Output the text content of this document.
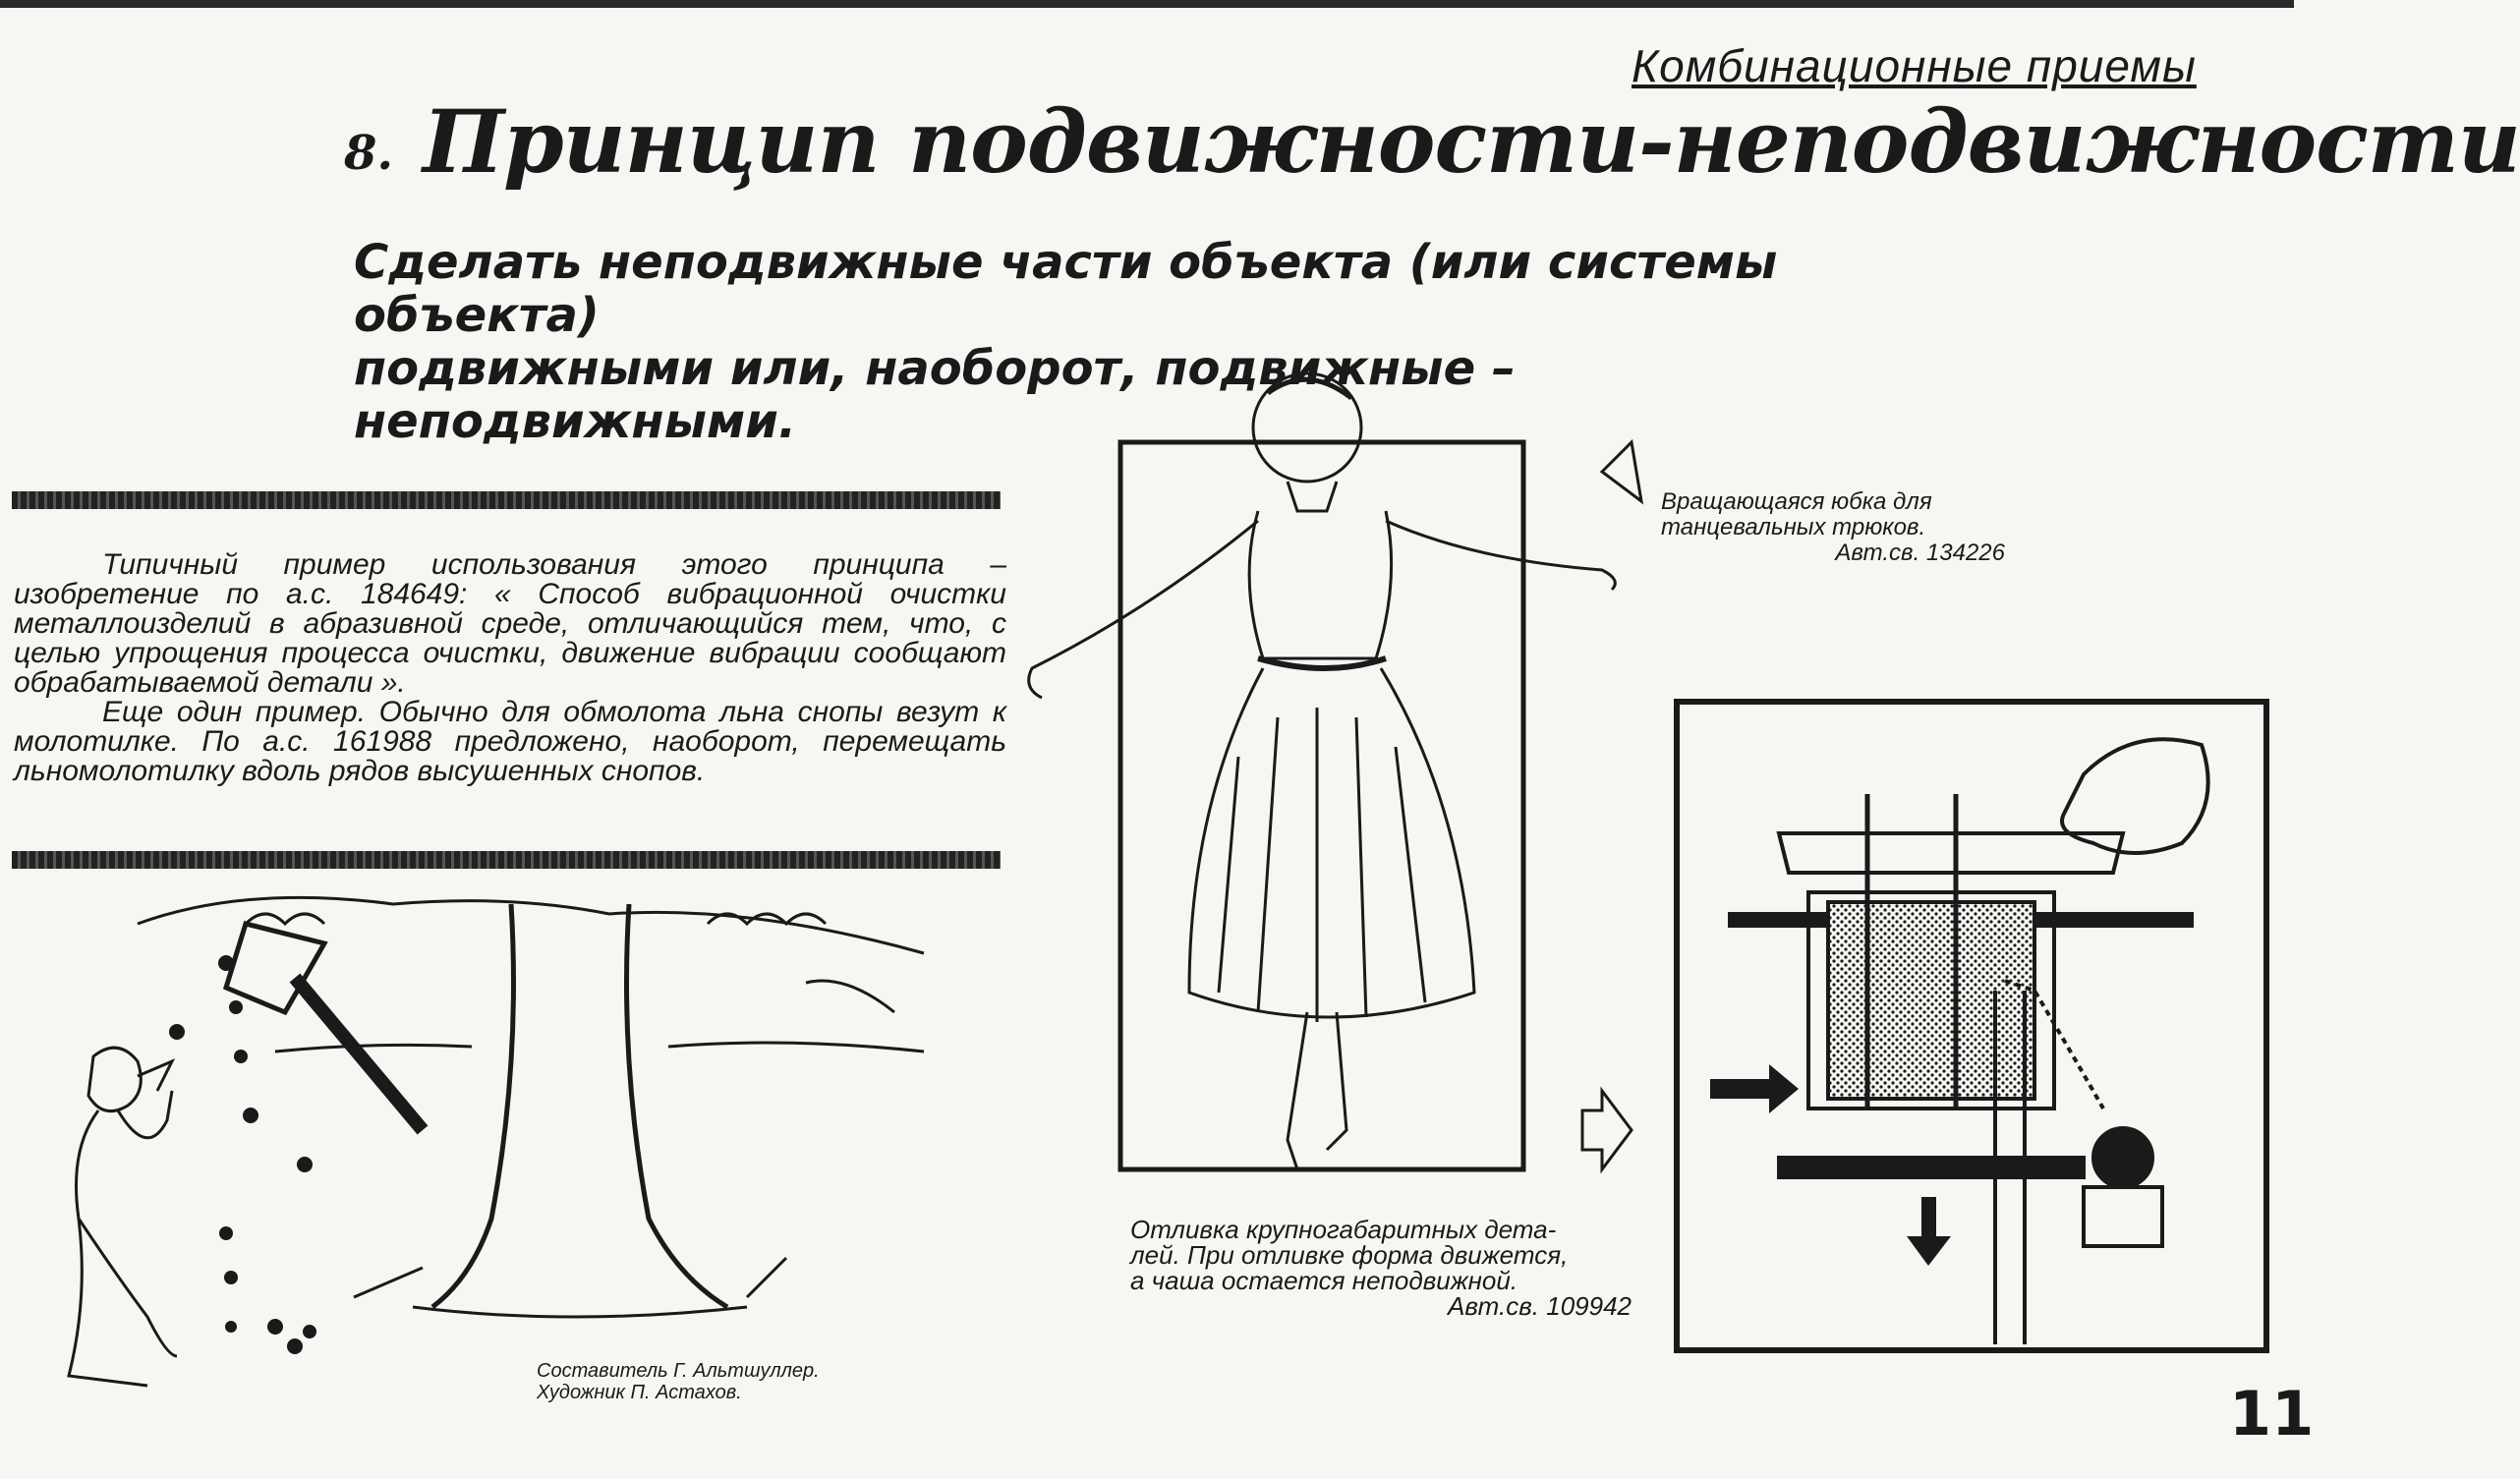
Комбинационные приемы
8. Принцип подвижности-неподвижности
Сделать неподвижные части объекта (или системы объекта)
подвижными или, наоборот, подвижные – неподвижными.

Типичный пример использования этого принципа – изобретение по а.с. 184649: « Способ вибрационной очистки металлоизделий в абразивной среде, отличающийся тем, что, с целью упрощения процесса очистки, движение вибрации сообщают обрабатываемой детали ».

Еще один пример. Обычно для обмолота льна снопы везут к молотилке. По а.с. 161988 предложено, наоборот, перемещать льномолотилку вдоль рядов высушенных снопов.

Вращающаяся юбка для
танцевальных трюков.
Авт.св. 134226
Отливка крупногабаритных дета-
лей. При отливке форма движется,
а чаша остается неподвижной.
Авт.св. 109942
Составитель Г. Альтшуллер.
Художник П. Астахов.	11
